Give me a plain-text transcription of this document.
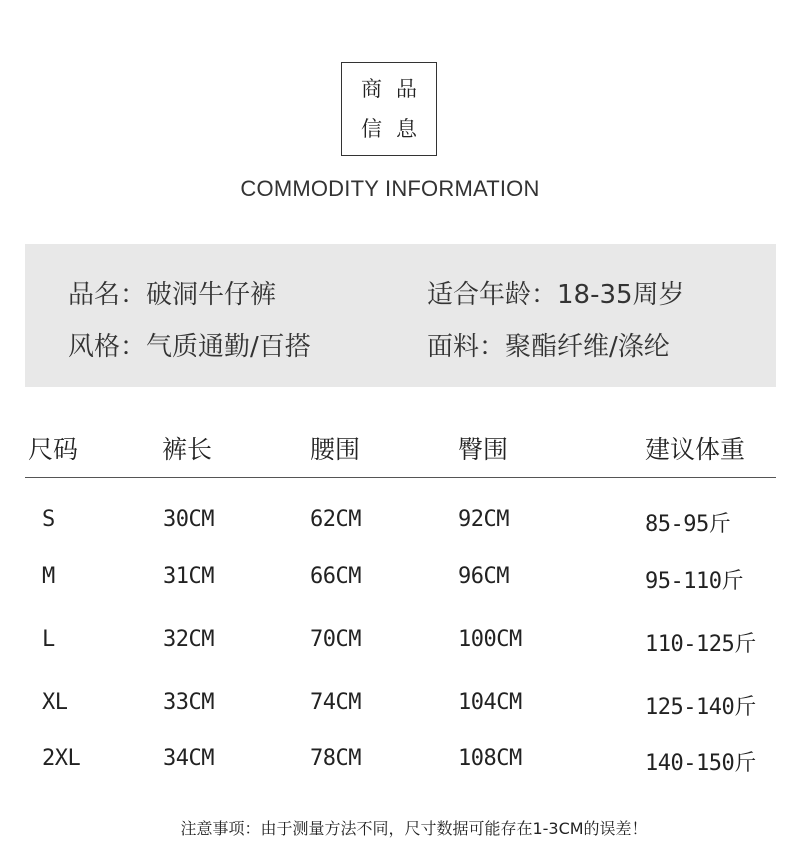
商品
信息
COMMODITY INFORMATION
品名：破洞牛仔裤	适合年龄：18-35周岁
风格：气质通勤/百搭	面料：聚酯纤维/涤纶
尺码	裤长	腰围	臀围	建议体重
S	30CM	62CM	92CM	85-95斤
M	31CM	66CM	96CM	95-110斤
L	32CM	70CM	100CM	110-125斤
XL	33CM	74CM	104CM	125-140斤
2XL	34CM	78CM	108CM	140-150斤
注意事项：由于测量方法不同，尺寸数据可能存在1-3CM的误差！
